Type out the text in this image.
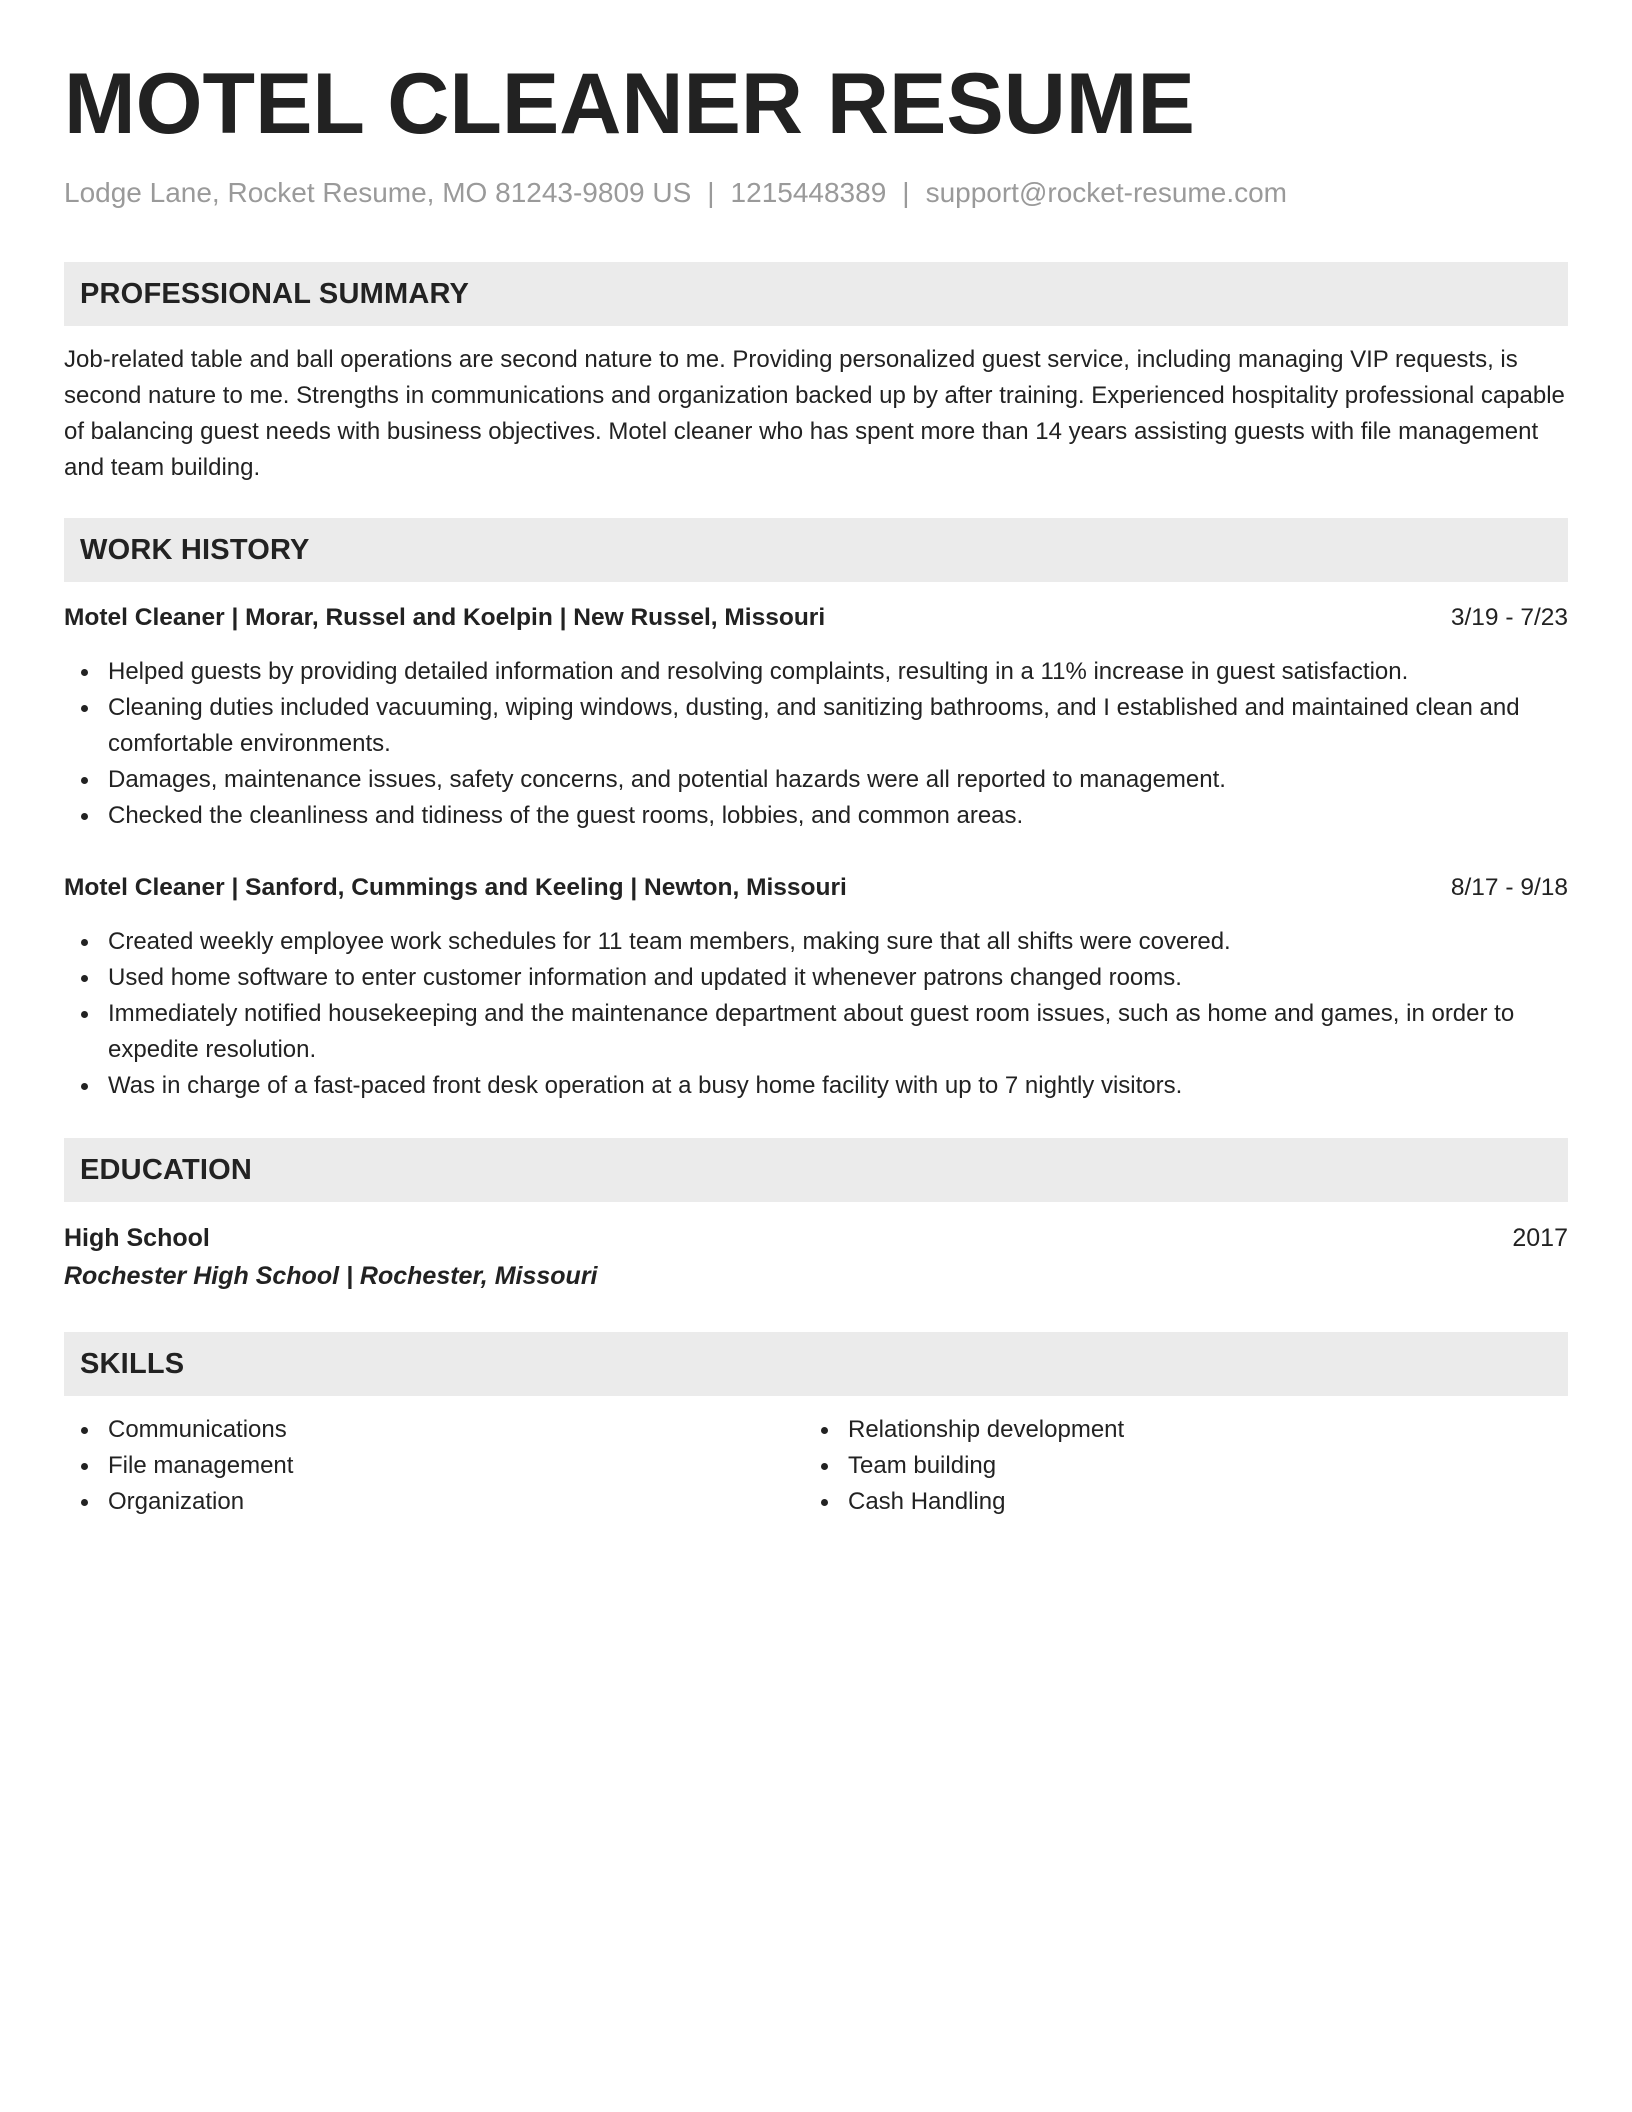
MOTEL CLEANER RESUME
Lodge Lane, Rocket Resume, MO 81243-9809 US | 1215448389 | support@rocket-resume.com
PROFESSIONAL SUMMARY
Job-related table and ball operations are second nature to me. Providing personalized guest service, including managing VIP requests, is second nature to me. Strengths in communications and organization backed up by after training. Experienced hospitality professional capable of balancing guest needs with business objectives. Motel cleaner who has spent more than 14 years assisting guests with file management and team building.
WORK HISTORY
Motel Cleaner | Morar, Russel and Koelpin | New Russel, Missouri	3/19 - 7/23
Helped guests by providing detailed information and resolving complaints, resulting in a 11% increase in guest satisfaction.
Cleaning duties included vacuuming, wiping windows, dusting, and sanitizing bathrooms, and I established and maintained clean and comfortable environments.
Damages, maintenance issues, safety concerns, and potential hazards were all reported to management.
Checked the cleanliness and tidiness of the guest rooms, lobbies, and common areas.
Motel Cleaner | Sanford, Cummings and Keeling | Newton, Missouri	8/17 - 9/18
Created weekly employee work schedules for 11 team members, making sure that all shifts were covered.
Used home software to enter customer information and updated it whenever patrons changed rooms.
Immediately notified housekeeping and the maintenance department about guest room issues, such as home and games, in order to expedite resolution.
Was in charge of a fast-paced front desk operation at a busy home facility with up to 7 nightly visitors.
EDUCATION
High School	2017
Rochester High School | Rochester, Missouri
SKILLS
Communications
File management
Organization
Relationship development
Team building
Cash Handling
